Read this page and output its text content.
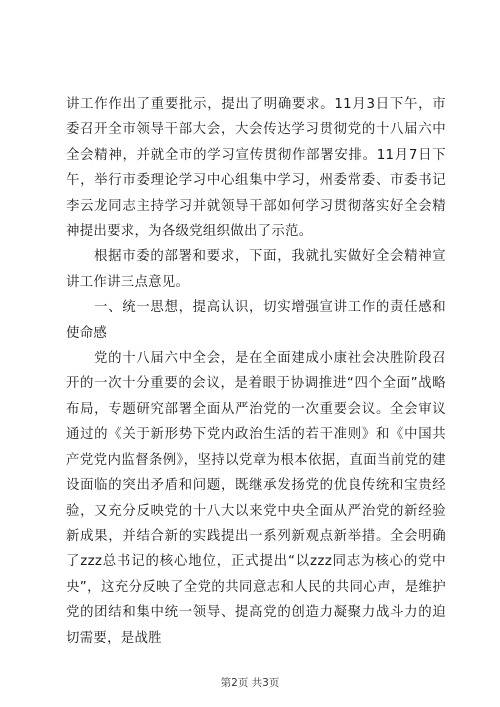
讲工作作出了重要批示，提出了明确要求。11月3日下午，市委召开全市领导干部大会，大会传达学习贯彻党的十八届六中全会精神，并就全市的学习宣传贯彻作部署安排。11月7日下午，举行市委理论学习中心组集中学习，州委常委、市委书记李云龙同志主持学习并就领导干部如何学习贯彻落实好全会精神提出要求，为各级党组织做出了示范。

根据市委的部署和要求，下面，我就扎实做好全会精神宣讲工作讲三点意见。

一、统一思想，提高认识，切实增强宣讲工作的责任感和使命感

党的十八届六中全会，是在全面建成小康社会决胜阶段召开的一次十分重要的会议，是着眼于协调推进“四个全面”战略布局，专题研究部署全面从严治党的一次重要会议。全会审议通过的《关于新形势下党内政治生活的若干准则》和《中国共产党党内监督条例》，坚持以党章为根本依据，直面当前党的建设面临的突出矛盾和问题，既继承发扬党的优良传统和宝贵经验，又充分反映党的十八大以来党中央全面从严治党的新经验新成果，并结合新的实践提出一系列新观点新举措。全会明确了zzz总书记的核心地位，正式提出“以zzz同志为核心的党中央”，这充分反映了全党的共同意志和人民的共同心声，是维护党的团结和集中统一领导、提高党的创造力凝聚力战斗力的迫切需要，是战胜

第2页 共3页
